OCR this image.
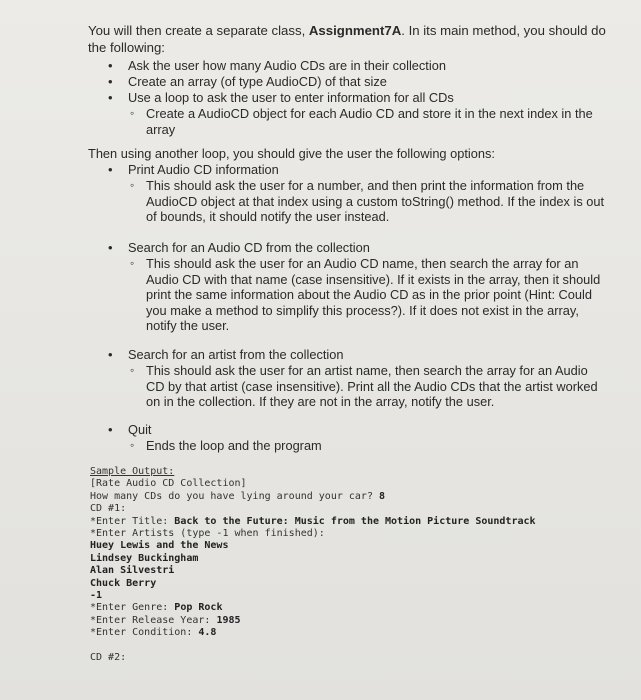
You will then create a separate class, Assignment7A. In its main method, you should do the following:
• Ask the user how many Audio CDs are in their collection
• Create an array (of type AudioCD) of that size
• Use a loop to ask the user to enter information for all CDs
◦ Create a AudioCD object for each Audio CD and store it in the next index in the array
Then using another loop, you should give the user the following options:
• Print Audio CD information
◦ This should ask the user for a number, and then print the information from the AudioCD object at that index using a custom toString() method. If the index is out of bounds, it should notify the user instead.
• Search for an Audio CD from the collection
◦ This should ask the user for an Audio CD name, then search the array for an Audio CD with that name (case insensitive). If it exists in the array, then it should print the same information about the Audio CD as in the prior point (Hint: Could you make a method to simplify this process?). If it does not exist in the array, notify the user.
• Search for an artist from the collection
◦ This should ask the user for an artist name, then search the array for an Audio CD by that artist (case insensitive). Print all the Audio CDs that the artist worked on in the collection. If they are not in the array, notify the user.
• Quit
◦ Ends the loop and the program
Sample Output:
[Rate Audio CD Collection]
How many CDs do you have lying around your car? 8
CD #1:
*Enter Title: Back to the Future: Music from the Motion Picture Soundtrack
*Enter Artists (type -1 when finished):
Huey Lewis and the News
Lindsey Buckingham
Alan Silvestri
Chuck Berry
-1
*Enter Genre: Pop Rock
*Enter Release Year: 1985
*Enter Condition: 4.8

CD #2:
